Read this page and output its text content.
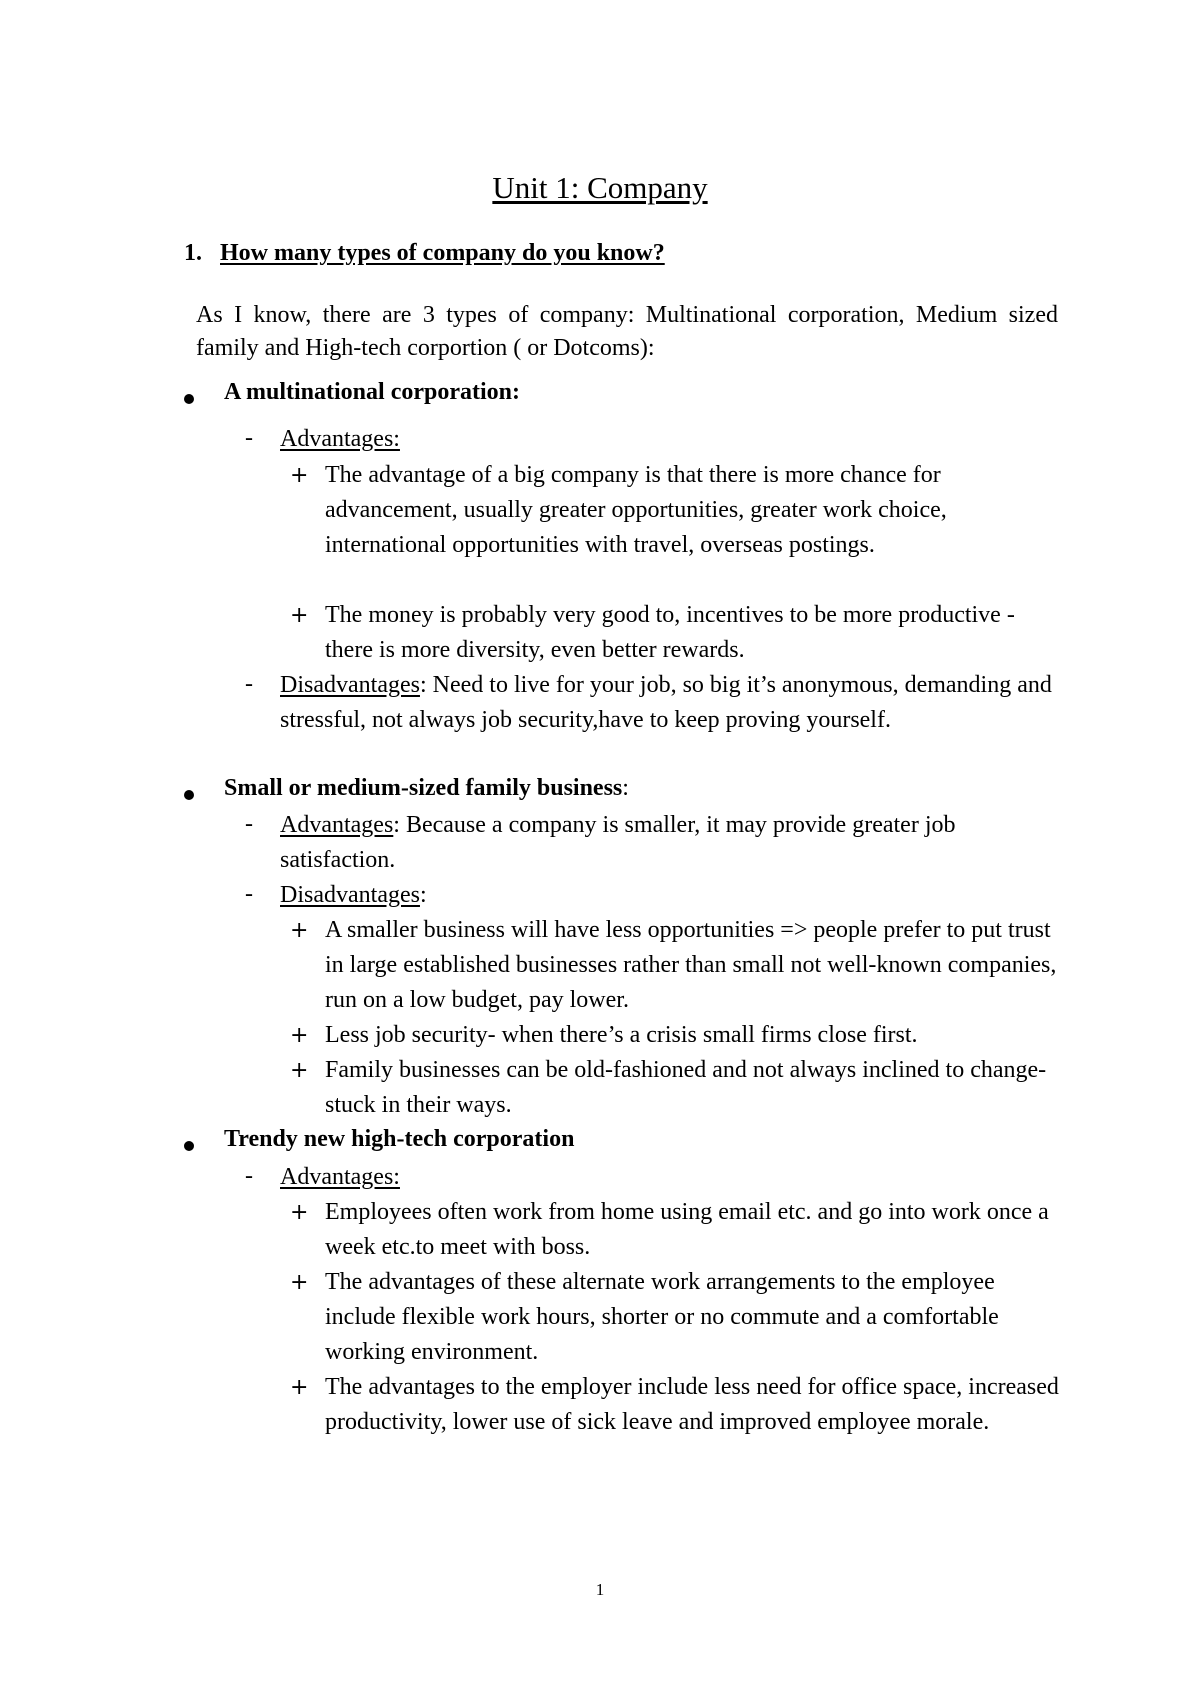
Unit 1: Company
1. How many types of company do you know?
As I know, there are 3 types of company: Multinational corporation, Medium sized family and High-tech corportion ( or Dotcoms):
A multinational corporation:
- Advantages:
+ The advantage of a big company is that there is more chance for advancement, usually greater opportunities, greater work choice, international opportunities with travel, overseas postings.
+ The money is probably very good to, incentives to be more productive - there is more diversity, even better rewards.
- Disadvantages: Need to live for your job, so big it’s anonymous, demanding and stressful, not always job security,have to keep proving yourself.
Small or medium-sized family business:
- Advantages: Because a company is smaller, it may provide greater job satisfaction.
- Disadvantages:
+ A smaller business will have less opportunities => people prefer to put trust in large established businesses rather than small not well-known companies, run on a low budget, pay lower.
+ Less job security- when there’s a crisis small firms close first.
+ Family businesses can be old-fashioned and not always inclined to change- stuck in their ways.
Trendy new high-tech corporation
- Advantages:
+ Employees often work from home using email etc. and go into work once a week etc.to meet with boss.
+ The advantages of these alternate work arrangements to the employee include flexible work hours, shorter or no commute and a comfortable working environment.
+ The advantages to the employer include less need for office space, increased productivity, lower use of sick leave and improved employee morale.
1
